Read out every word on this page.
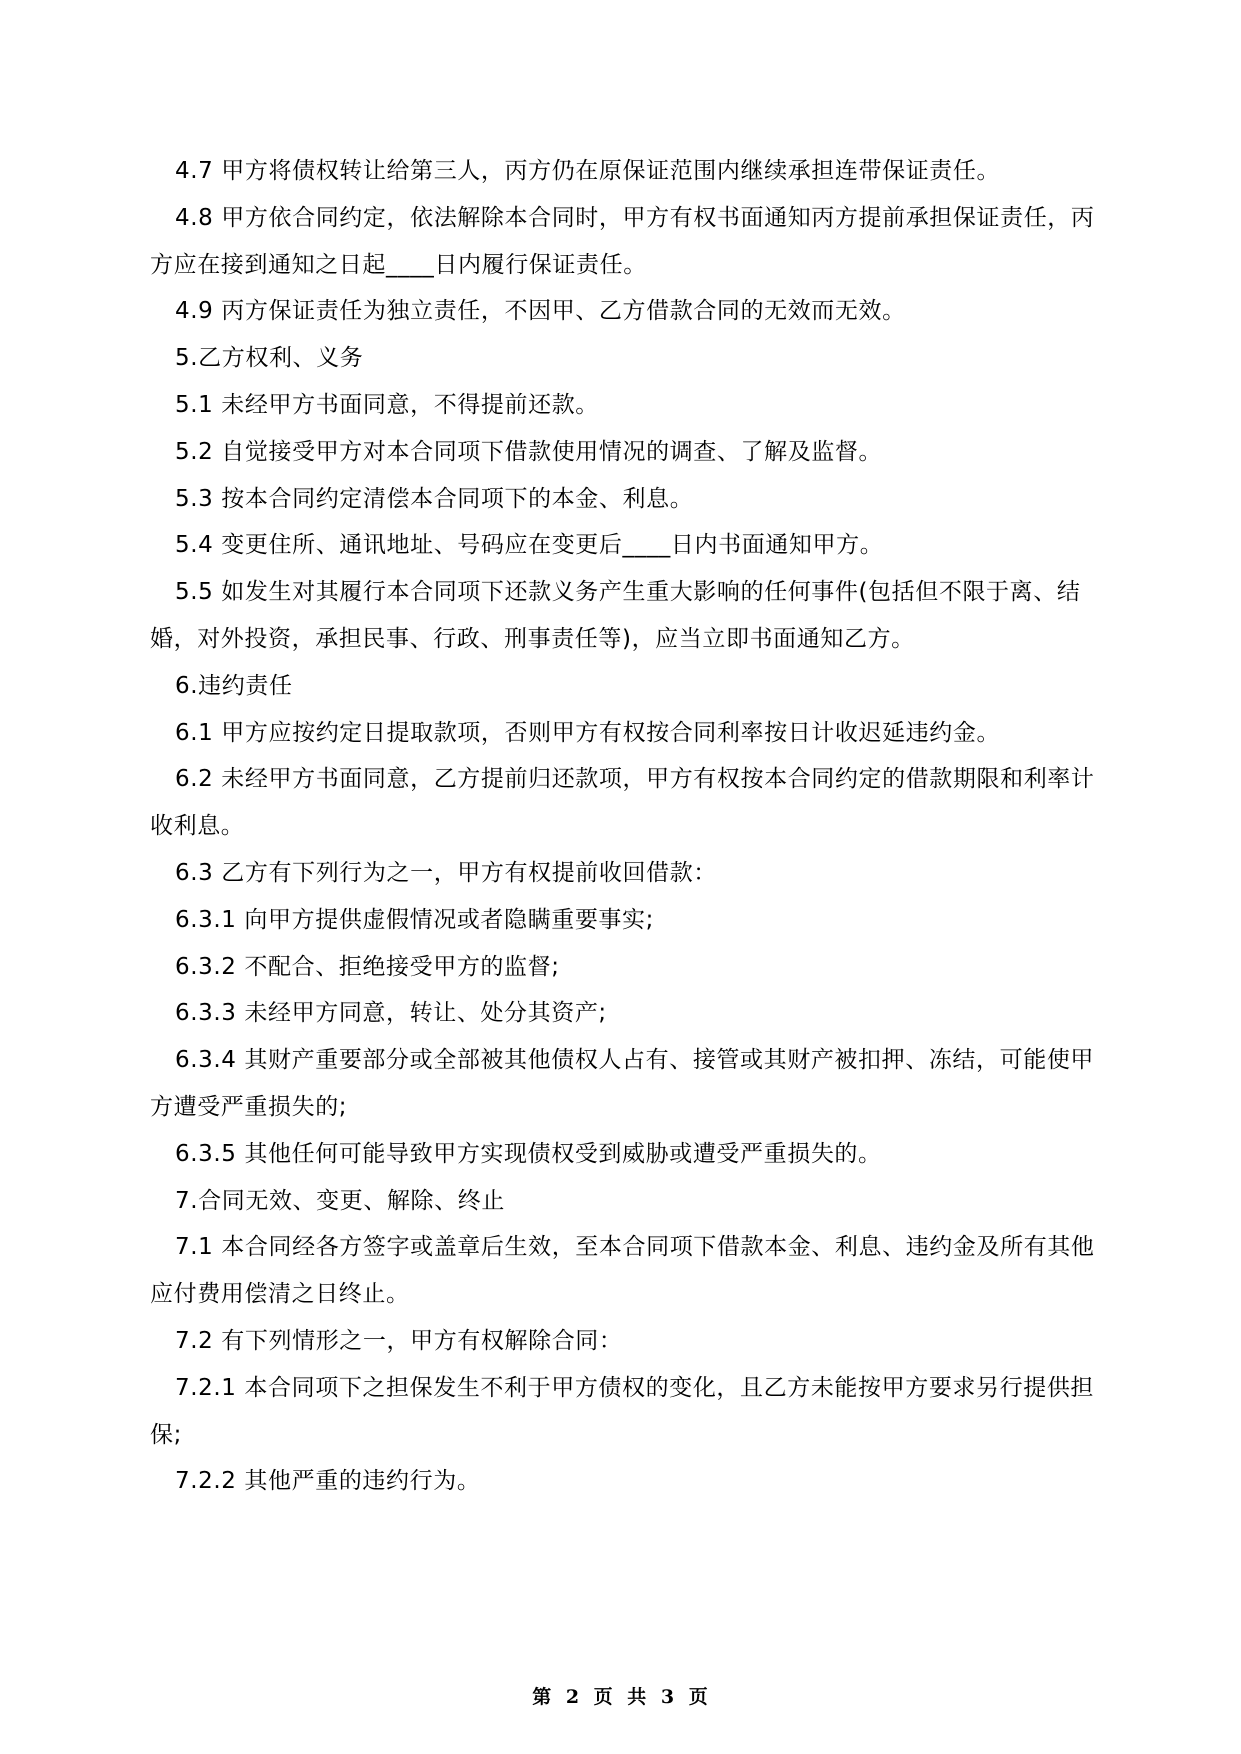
4.7 甲方将债权转让给第三人，丙方仍在原保证范围内继续承担连带保证责任。

4.8 甲方依合同约定，依法解除本合同时，甲方有权书面通知丙方提前承担保证责任，丙方应在接到通知之日起____日内履行保证责任。

4.9 丙方保证责任为独立责任，不因甲、乙方借款合同的无效而无效。

5.乙方权利、义务

5.1 未经甲方书面同意，不得提前还款。

5.2 自觉接受甲方对本合同项下借款使用情况的调查、了解及监督。

5.3 按本合同约定清偿本合同项下的本金、利息。

5.4 变更住所、通讯地址、号码应在变更后____日内书面通知甲方。

5.5 如发生对其履行本合同项下还款义务产生重大影响的任何事件(包括但不限于离、结婚，对外投资，承担民事、行政、刑事责任等)，应当立即书面通知乙方。

6.违约责任

6.1 甲方应按约定日提取款项，否则甲方有权按合同利率按日计收迟延违约金。

6.2 未经甲方书面同意，乙方提前归还款项，甲方有权按本合同约定的借款期限和利率计收利息。

6.3 乙方有下列行为之一，甲方有权提前收回借款：

6.3.1 向甲方提供虚假情况或者隐瞒重要事实;

6.3.2 不配合、拒绝接受甲方的监督;

6.3.3 未经甲方同意，转让、处分其资产;

6.3.4 其财产重要部分或全部被其他债权人占有、接管或其财产被扣押、冻结，可能使甲方遭受严重损失的;

6.3.5 其他任何可能导致甲方实现债权受到威胁或遭受严重损失的。

7.合同无效、变更、解除、终止

7.1 本合同经各方签字或盖章后生效，至本合同项下借款本金、利息、违约金及所有其他应付费用偿清之日终止。

7.2 有下列情形之一，甲方有权解除合同：

7.2.1 本合同项下之担保发生不利于甲方债权的变化，且乙方未能按甲方要求另行提供担保;

7.2.2 其他严重的违约行为。

第 2 页 共 3 页
